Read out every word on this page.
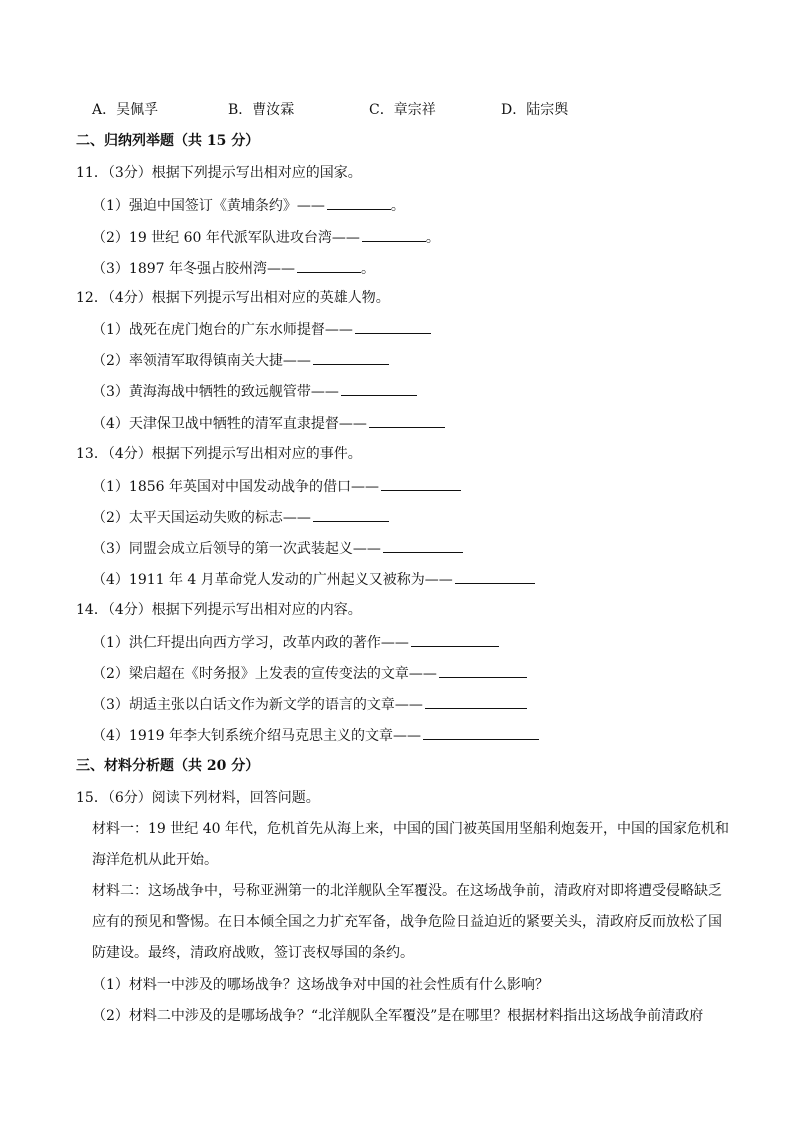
A．吴佩孚	B．曹汝霖	C．章宗祥	D．陆宗舆
二、归纳列举题（共 15 分）
11．（3分）根据下列提示写出相对应的国家。
（1）强迫中国签订《黄埔条约》——	。
（2）19 世纪 60 年代派军队进攻台湾——	。
（3）1897 年冬强占胶州湾——	。
12．（4分）根据下列提示写出相对应的英雄人物。
（1）战死在虎门炮台的广东水师提督——
（2）率领清军取得镇南关大捷——
（3）黄海海战中牺牲的致远舰管带——
（4）天津保卫战中牺牲的清军直隶提督——
13．（4分）根据下列提示写出相对应的事件。
（1）1856 年英国对中国发动战争的借口——
（2）太平天国运动失败的标志——
（3）同盟会成立后领导的第一次武装起义——
（4）1911 年 4 月革命党人发动的广州起义又被称为——
14．（4分）根据下列提示写出相对应的内容。
（1）洪仁玕提出向西方学习，改革内政的著作——
（2）梁启超在《时务报》上发表的宣传变法的文章——
（3）胡适主张以白话文作为新文学的语言的文章——
（4）1919 年李大钊系统介绍马克思主义的文章——
三、材料分析题（共 20 分）
15．（6分）阅读下列材料，回答问题。
材料一：19 世纪 40 年代，危机首先从海上来，中国的国门被英国用坚船利炮轰开，中国的国家危机和
海洋危机从此开始。
材料二：这场战争中，号称亚洲第一的北洋舰队全军覆没。在这场战争前，清政府对即将遭受侵略缺乏
应有的预见和警惕。在日本倾全国之力扩充军备，战争危险日益迫近的紧要关头，清政府反而放松了国
防建设。最终，清政府战败，签订丧权辱国的条约。
（1）材料一中涉及的哪场战争？这场战争对中国的社会性质有什么影响？
（2）材料二中涉及的是哪场战争？“北洋舰队全军覆没”是在哪里？根据材料指出这场战争前清政府
